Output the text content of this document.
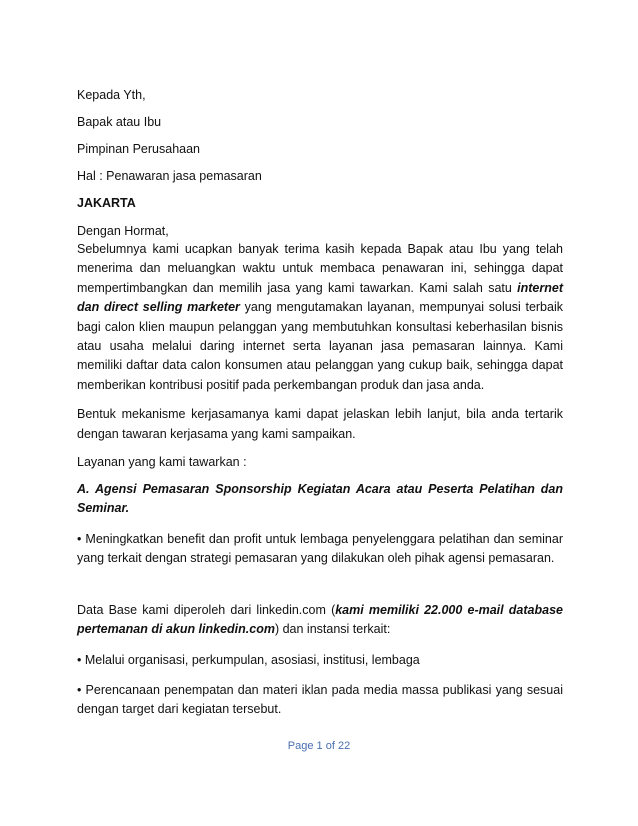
Kepada Yth,

Bapak atau Ibu

Pimpinan Perusahaan

Hal : Penawaran jasa pemasaran

JAKARTA

Dengan Hormat,

Sebelumnya kami ucapkan banyak terima kasih kepada Bapak atau Ibu yang telah menerima dan meluangkan waktu untuk membaca penawaran ini, sehingga dapat mempertimbangkan dan memilih jasa yang kami tawarkan. Kami salah satu internet dan direct selling marketer yang mengutamakan layanan, mempunyai solusi terbaik bagi calon klien maupun pelanggan yang membutuhkan konsultasi keberhasilan bisnis atau usaha melalui daring internet serta layanan jasa pemasaran lainnya. Kami memiliki daftar data calon konsumen atau pelanggan yang cukup baik, sehingga dapat memberikan kontribusi positif pada perkembangan produk dan jasa anda.

Bentuk mekanisme kerjasamanya kami dapat jelaskan lebih lanjut, bila anda tertarik dengan tawaran kerjasama yang kami sampaikan.

Layanan yang kami tawarkan :

A. Agensi Pemasaran Sponsorship Kegiatan Acara atau Peserta Pelatihan dan Seminar.

• Meningkatkan benefit dan profit untuk lembaga penyelenggara pelatihan dan seminar yang terkait dengan strategi pemasaran yang dilakukan oleh pihak agensi pemasaran.

Data Base kami diperoleh dari linkedin.com (kami memiliki 22.000 e-mail database pertemanan di akun linkedin.com) dan instansi terkait:

• Melalui organisasi, perkumpulan, asosiasi, institusi, lembaga

• Perencanaan penempatan dan materi iklan pada media massa publikasi yang sesuai dengan target dari kegiatan tersebut.

Page 1 of 22
